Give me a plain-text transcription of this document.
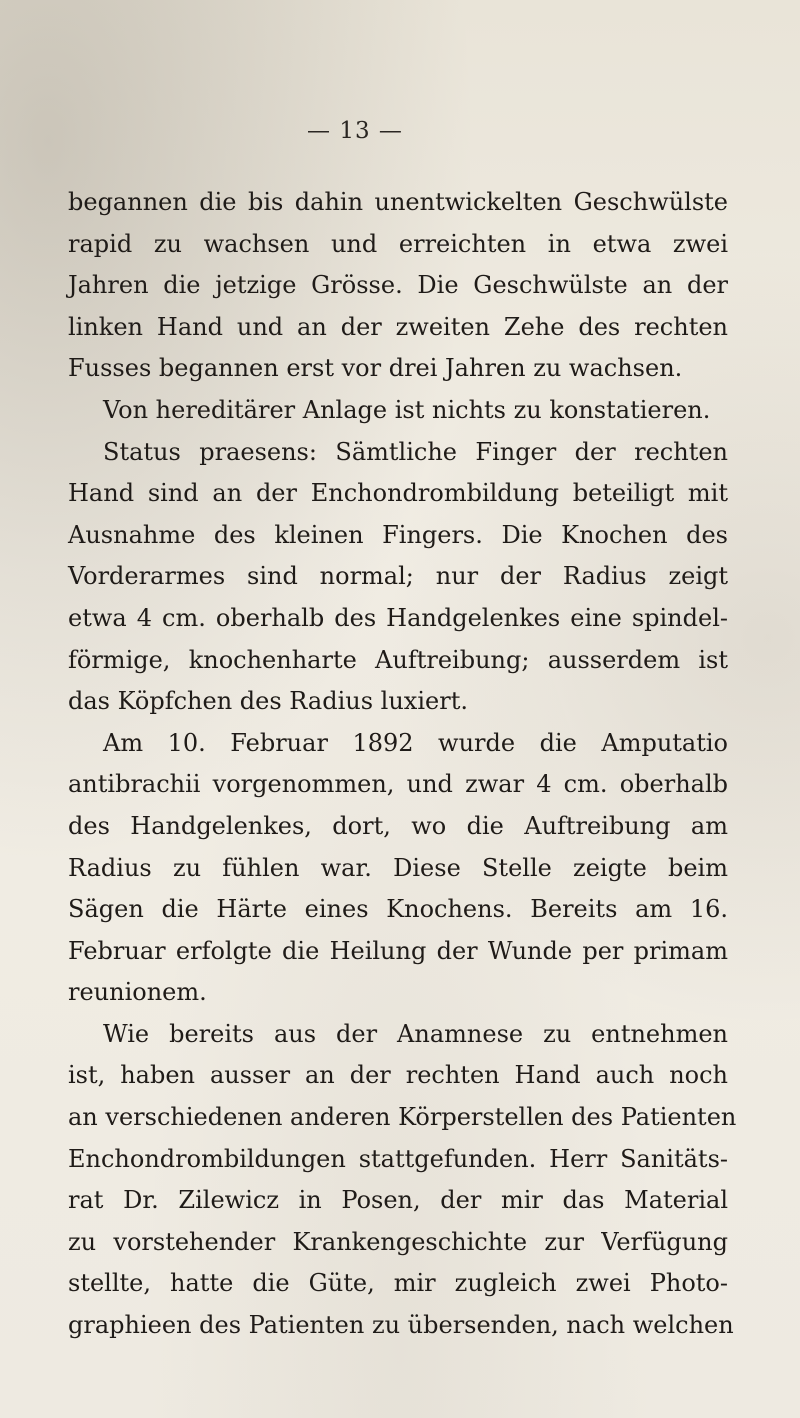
— 13 —
begannen die bis dahin unentwickelten Geschwülste
rapid zu wachsen und erreichten in etwa zwei
Jahren die jetzige Grösse. Die Geschwülste an der
linken Hand und an der zweiten Zehe des rechten
Fusses begannen erst vor drei Jahren zu wachsen.
Von hereditärer Anlage ist nichts zu konstatieren.
Status praesens: Sämtliche Finger der rechten
Hand sind an der Enchondrombildung beteiligt mit
Ausnahme des kleinen Fingers. Die Knochen des
Vorderarmes sind normal; nur der Radius zeigt
etwa 4 cm. oberhalb des Handgelenkes eine spindel-
förmige, knochenharte Auftreibung; ausserdem ist
das Köpfchen des Radius luxiert.
Am 10. Februar 1892 wurde die Amputatio
antibrachii vorgenommen, und zwar 4 cm. oberhalb
des Handgelenkes, dort, wo die Auftreibung am
Radius zu fühlen war. Diese Stelle zeigte beim
Sägen die Härte eines Knochens. Bereits am 16.
Februar erfolgte die Heilung der Wunde per primam
reunionem.
Wie bereits aus der Anamnese zu entnehmen
ist, haben ausser an der rechten Hand auch noch
an verschiedenen anderen Körperstellen des Patienten
Enchondrombildungen stattgefunden. Herr Sanitäts-
rat Dr. Zilewicz in Posen, der mir das Material
zu vorstehender Krankengeschichte zur Verfügung
stellte, hatte die Güte, mir zugleich zwei Photo-
graphieen des Patienten zu übersenden, nach welchen
